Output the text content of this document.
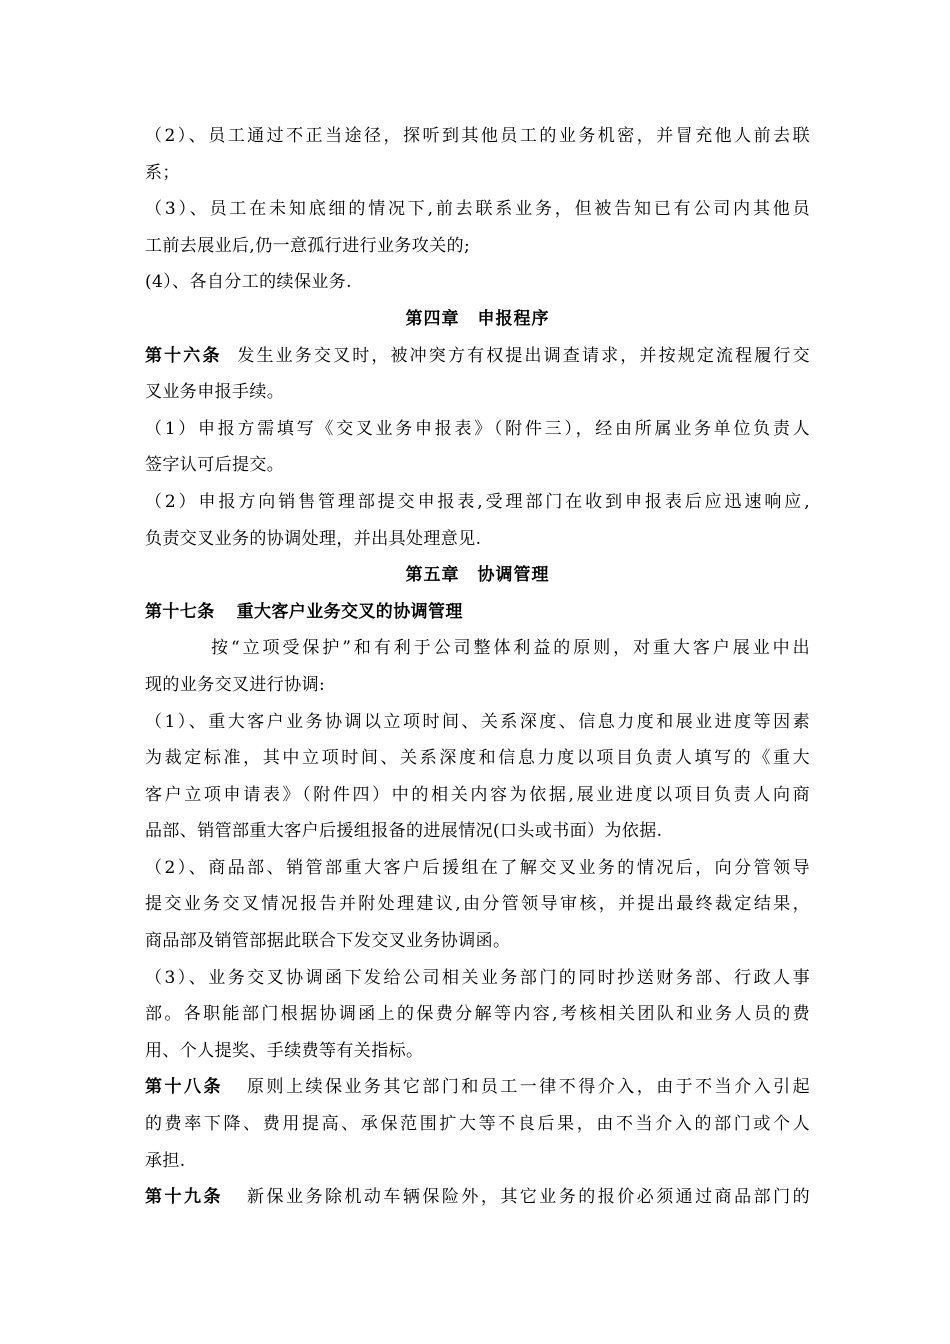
（2）、员工通过不正当途径，探听到其他员工的业务机密，并冒充他人前去联
系；
（3）、员工在未知底细的情况下,前去联系业务，但被告知已有公司内其他员
工前去展业后,仍一意孤行进行业务攻关的;
(4）、各自分工的续保业务.
第四章 申报程序
第十六条 发生业务交叉时，被冲突方有权提出调查请求，并按规定流程履行交
叉业务申报手续。
（1）申报方需填写《交叉业务申报表》（附件三），经由所属业务单位负责人
签字认可后提交。
（2）申报方向销售管理部提交申报表,受理部门在收到申报表后应迅速响应,
负责交叉业务的协调处理，并出具处理意见.
第五章 协调管理
第十七条 重大客户业务交叉的协调管理
按“立项受保护”和有利于公司整体利益的原则，对重大客户展业中出
现的业务交叉进行协调:
（1）、重大客户业务协调以立项时间、关系深度、信息力度和展业进度等因素
为裁定标准，其中立项时间、关系深度和信息力度以项目负责人填写的《重大
客户立项申请表》（附件四）中的相关内容为依据,展业进度以项目负责人向商
品部、销管部重大客户后援组报备的进展情况(口头或书面）为依据.
（2）、商品部、销管部重大客户后援组在了解交叉业务的情况后，向分管领导
提交业务交叉情况报告并附处理建议,由分管领导审核，并提出最终裁定结果，
商品部及销管部据此联合下发交叉业务协调函。
（3）、业务交叉协调函下发给公司相关业务部门的同时抄送财务部、行政人事
部。各职能部门根据协调函上的保费分解等内容,考核相关团队和业务人员的费
用、个人提奖、手续费等有关指标。
第十八条 原则上续保业务其它部门和员工一律不得介入，由于不当介入引起
的费率下降、费用提高、承保范围扩大等不良后果，由不当介入的部门或个人
承担.
第十九条 新保业务除机动车辆保险外，其它业务的报价必须通过商品部门的
